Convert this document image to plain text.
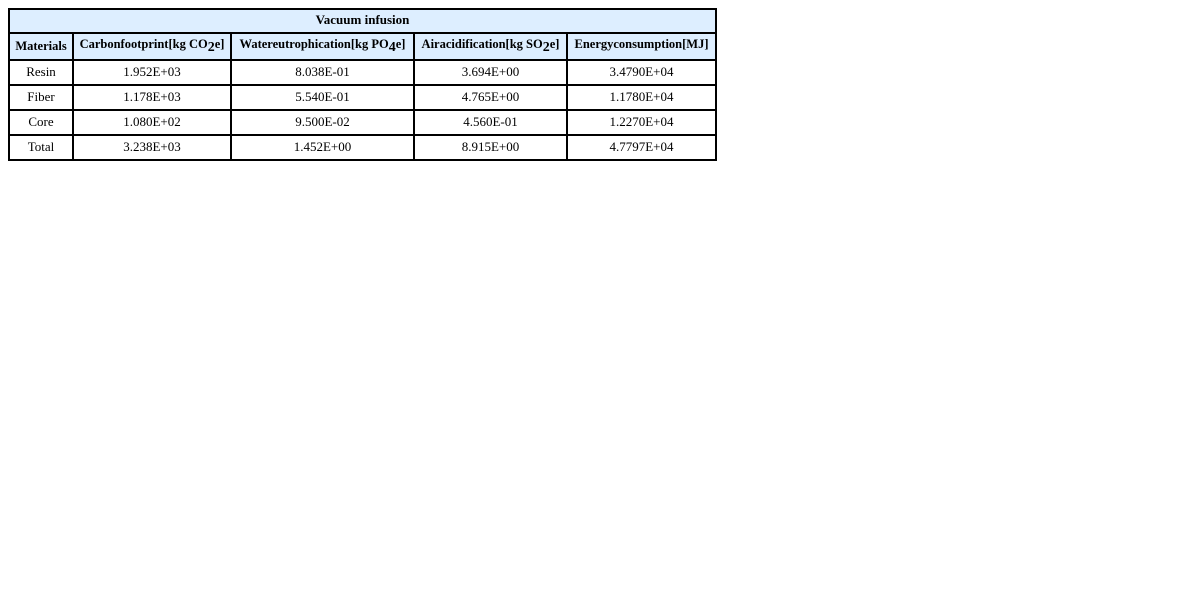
Vacuum infusion				
Materials	Carbonfootprint[kg CO2e]	Watereutrophication[kg PO4e]	Airacidification[kg SO2e]	Energyconsumption[MJ]
Resin	1.952E+03	8.038E-01	3.694E+00	3.4790E+04
Fiber	1.178E+03	5.540E-01	4.765E+00	1.1780E+04
Core	1.080E+02	9.500E-02	4.560E-01	1.2270E+04
Total	3.238E+03	1.452E+00	8.915E+00	4.7797E+04
